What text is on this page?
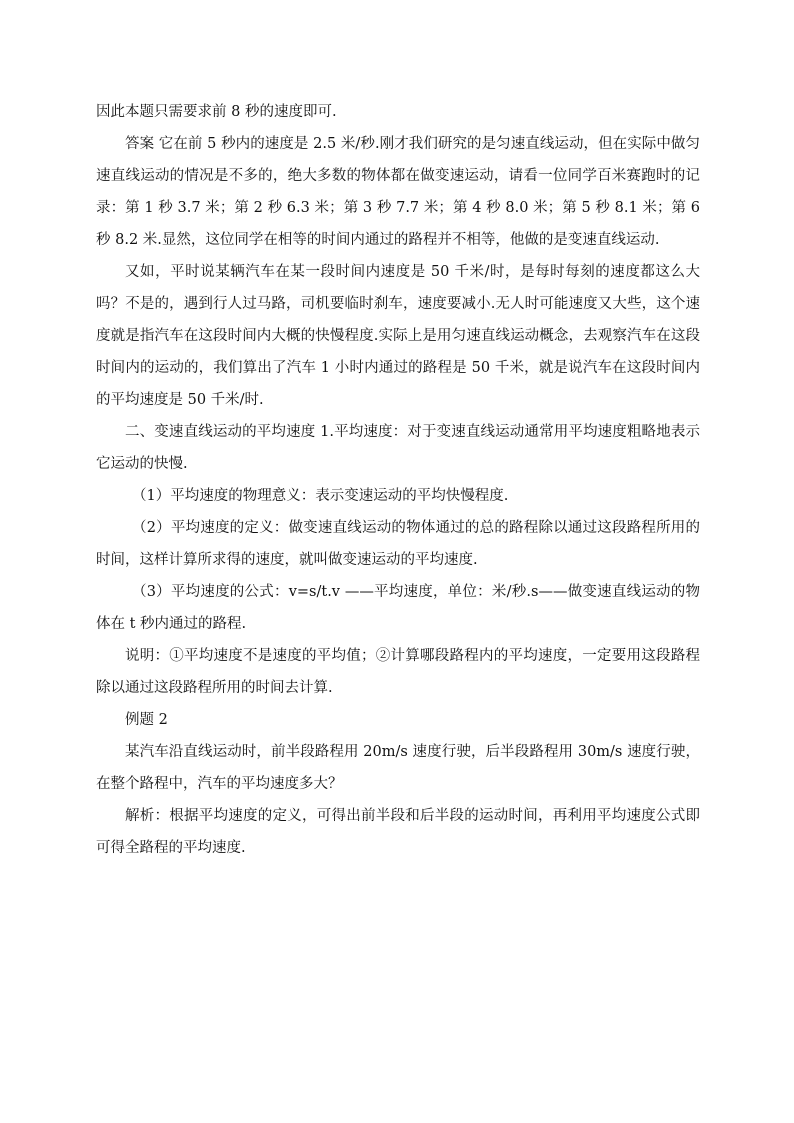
因此本题只需要求前 8 秒的速度即可.

答案 它在前 5 秒内的速度是 2.5 米/秒.刚才我们研究的是匀速直线运动，但在实际中做匀速直线运动的情况是不多的，绝大多数的物体都在做变速运动，请看一位同学百米赛跑时的记录：第 1 秒 3.7 米；第 2 秒 6.3 米；第 3 秒 7.7 米；第 4 秒 8.0 米；第 5 秒 8.1 米；第 6 秒 8.2 米.显然，这位同学在相等的时间内通过的路程并不相等，他做的是变速直线运动.

又如，平时说某辆汽车在某一段时间内速度是 50 千米/时，是每时每刻的速度都这么大吗？不是的，遇到行人过马路，司机要临时刹车，速度要减小.无人时可能速度又大些，这个速度就是指汽车在这段时间内大概的快慢程度.实际上是用匀速直线运动概念，去观察汽车在这段时间内的运动的，我们算出了汽车 1 小时内通过的路程是 50 千米，就是说汽车在这段时间内的平均速度是 50 千米/时.

二、变速直线运动的平均速度 1.平均速度：对于变速直线运动通常用平均速度粗略地表示它运动的快慢.

（1）平均速度的物理意义：表示变速运动的平均快慢程度.

（2）平均速度的定义：做变速直线运动的物体通过的总的路程除以通过这段路程所用的时间，这样计算所求得的速度，就叫做变速运动的平均速度.

（3）平均速度的公式：v=s/t.v ——平均速度，单位：米/秒.s——做变速直线运动的物体在 t 秒内通过的路程.

说明：①平均速度不是速度的平均值；②计算哪段路程内的平均速度，一定要用这段路程除以通过这段路程所用的时间去计算.

例题 2

某汽车沿直线运动时，前半段路程用 20m/s 速度行驶，后半段路程用 30m/s 速度行驶，在整个路程中，汽车的平均速度多大？

解析：根据平均速度的定义，可得出前半段和后半段的运动时间，再利用平均速度公式即可得全路程的平均速度.
